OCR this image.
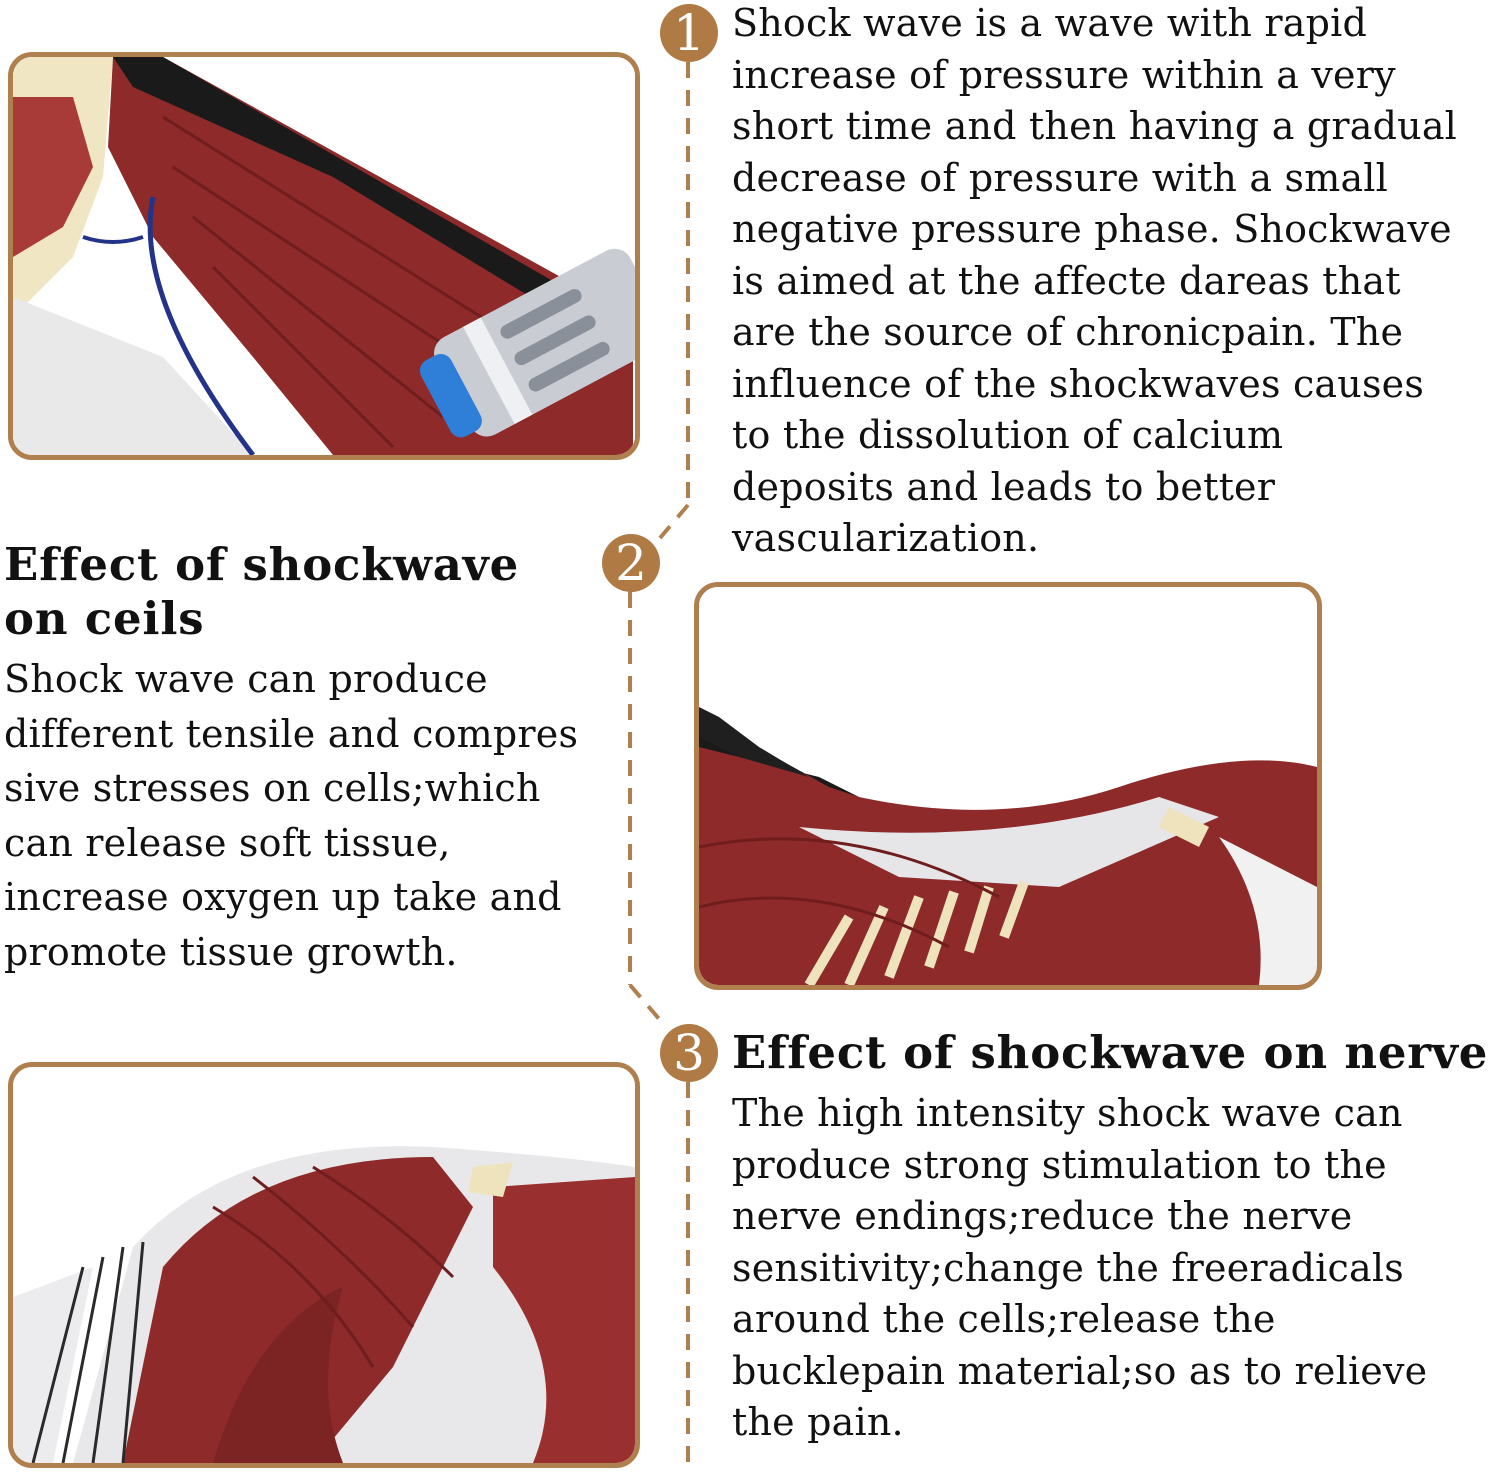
1
2
3

Shock wave is a wave with rapid
increase of pressure within a very
short time and then having a gradual
decrease of pressure with a small
negative pressure phase. Shockwave
is aimed at the affecte dareas that
are the source of chronicpain. The
influence of the shockwaves causes
to the dissolution of calcium
deposits and leads to better
vascularization.

Effect of shockwave
on ceils

Shock wave can produce
different tensile and compres
sive stresses on cells;which
can release soft tissue,
increase oxygen up take and
promote tissue growth.

Effect of shockwave on nerve

The high intensity shock wave can
produce strong stimulation to the
nerve endings;reduce the nerve
sensitivity;change the freeradicals
around the cells;release the
bucklepain material;so as to relieve
the pain.
